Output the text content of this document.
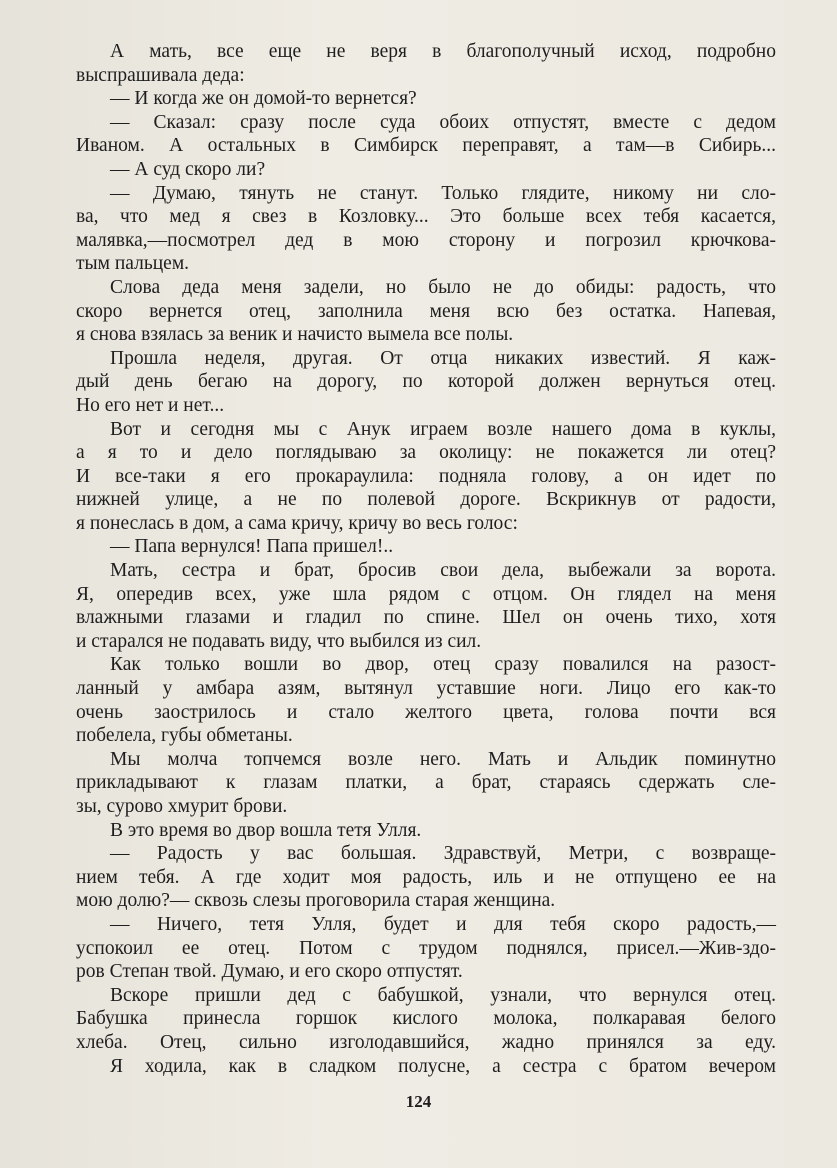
А мать, все еще не веря в благополучный исход, подробно
выспрашивала деда:
— И когда же он домой-то вернется?
— Сказал: сразу после суда обоих отпустят, вместе с дедом
Иваном. А остальных в Симбирск переправят, а там—в Сибирь...
— А суд скоро ли?
— Думаю, тянуть не станут. Только глядите, никому ни сло-
ва, что мед я свез в Козловку... Это больше всех тебя касается,
малявка,—посмотрел дед в мою сторону и погрозил крючкова-
тым пальцем.
Слова деда меня задели, но было не до обиды: радость, что
скоро вернется отец, заполнила меня всю без остатка. Напевая,
я снова взялась за веник и начисто вымела все полы.
Прошла неделя, другая. От отца никаких известий. Я каж-
дый день бегаю на дорогу, по которой должен вернуться отец.
Но его нет и нет...
Вот и сегодня мы с Анук играем возле нашего дома в куклы,
а я то и дело поглядываю за околицу: не покажется ли отец?
И все-таки я его прокараулила: подняла голову, а он идет по
нижней улице, а не по полевой дороге. Вскрикнув от радости,
я понеслась в дом, а сама кричу, кричу во весь голос:
— Папа вернулся! Папа пришел!..
Мать, сестра и брат, бросив свои дела, выбежали за ворота.
Я, опередив всех, уже шла рядом с отцом. Он глядел на меня
влажными глазами и гладил по спине. Шел он очень тихо, хотя
и старался не подавать виду, что выбился из сил.
Как только вошли во двор, отец сразу повалился на разост-
ланный у амбара азям, вытянул уставшие ноги. Лицо его как-то
очень заострилось и стало желтого цвета, голова почти вся
побелела, губы обметаны.
Мы молча топчемся возле него. Мать и Альдик поминутно
прикладывают к глазам платки, а брат, стараясь сдержать сле-
зы, сурово хмурит брови.
В это время во двор вошла тетя Улля.
— Радость у вас большая. Здравствуй, Метри, с возвраще-
нием тебя. А где ходит моя радость, иль и не отпущено ее на
мою долю?— сквозь слезы проговорила старая женщина.
— Ничего, тетя Улля, будет и для тебя скоро радость,—
успокоил ее отец. Потом с трудом поднялся, присел.—Жив-здо-
ров Степан твой. Думаю, и его скоро отпустят.
Вскоре пришли дед с бабушкой, узнали, что вернулся отец.
Бабушка принесла горшок кислого молока, полкаравая белого
хлеба. Отец, сильно изголодавшийся, жадно принялся за еду.
Я ходила, как в сладком полусне, а сестра с братом вечером
124
